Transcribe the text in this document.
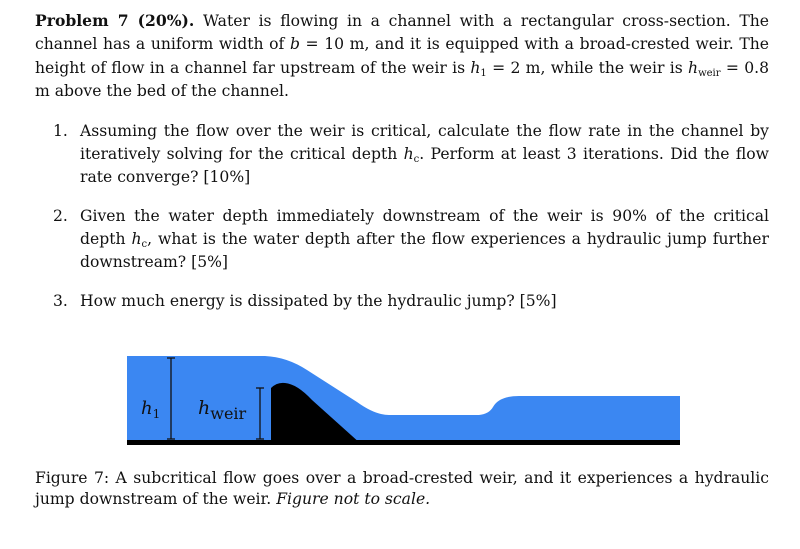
Problem 7 (20%). Water is flowing in a channel with a rectangular cross-section. The channel has a uniform width of b = 10 m, and it is equipped with a broad-crested weir. The height of flow in a channel far upstream of the weir is $h_1 = 2$ m, while the weir is $h_{weir} = 0.8$ m above the bed of the channel.

1. Assuming the flow over the weir is critical, calculate the flow rate in the channel by iteratively solving for the critical depth $h_c$. Perform at least 3 iterations. Did the flow rate converge? [10%]
2. Given the water depth immediately downstream of the weir is 90% of the critical depth $h_c$, what is the water depth after the flow experiences a hydraulic jump further downstream? [5%]
3. How much energy is dissipated by the hydraulic jump? [5%]
$h_1$ $h_{weir}$

Figure 7: A subcritical flow goes over a broad-crested weir, and it experiences a hydraulic jump downstream of the weir. Figure not to scale.
